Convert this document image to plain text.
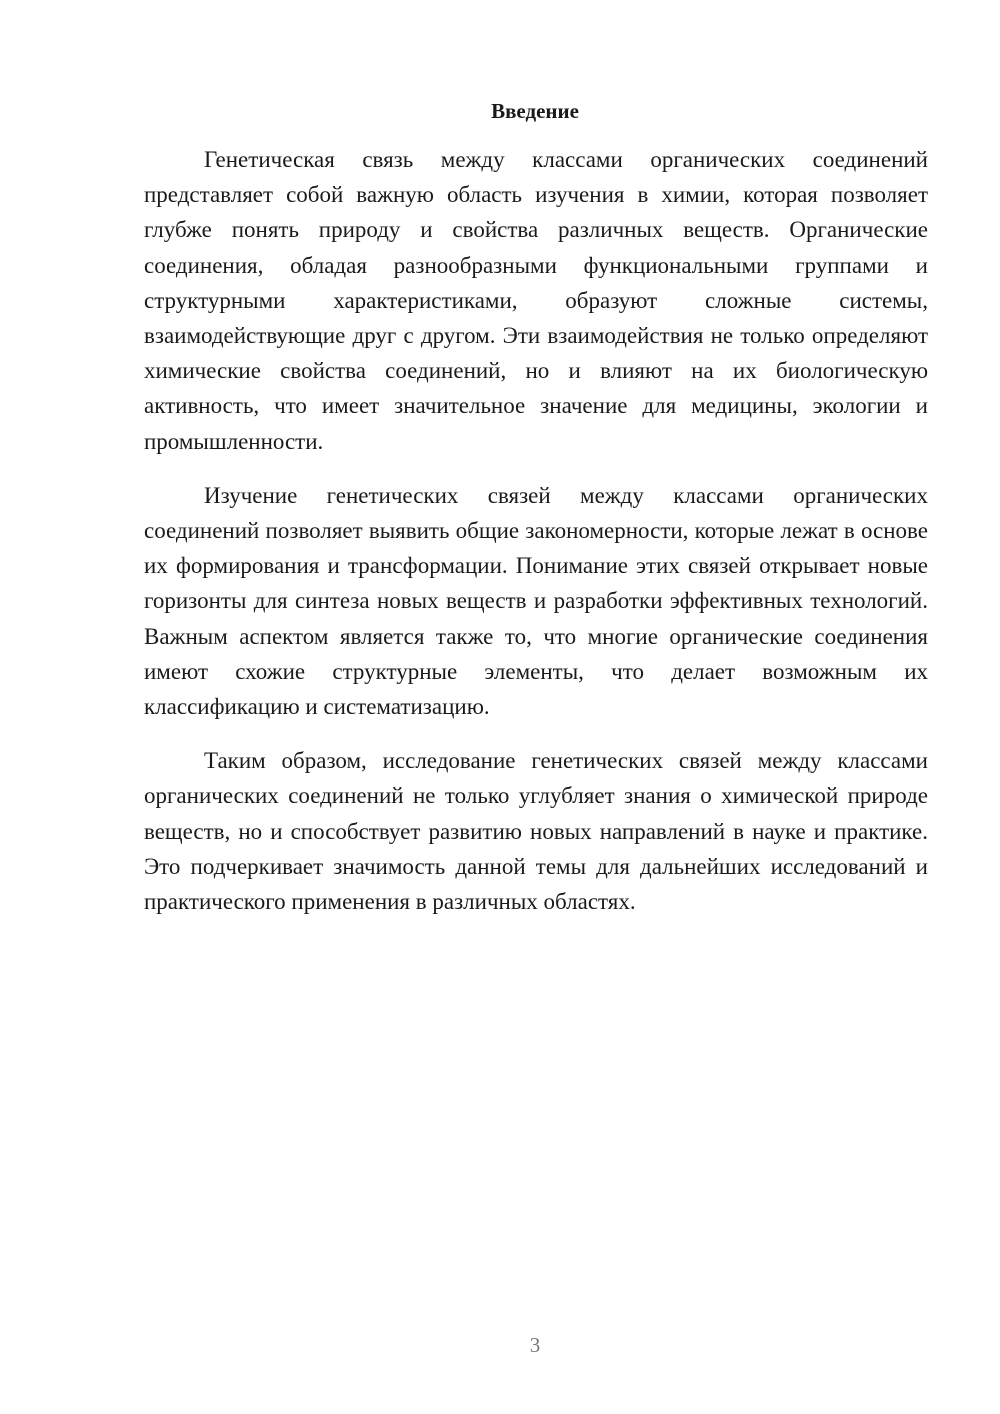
Введение

Генетическая связь между классами органических соединений представляет собой важную область изучения в химии, которая позволяет глубже понять природу и свойства различных веществ. Органические соединения, обладая разнообразными функциональными группами и структурными характеристиками, образуют сложные системы, взаимодействующие друг с другом. Эти взаимодействия не только определяют химические свойства соединений, но и влияют на их биологическую активность, что имеет значительное значение для медицины, экологии и промышленности.

Изучение генетических связей между классами органических соединений позволяет выявить общие закономерности, которые лежат в основе их формирования и трансформации. Понимание этих связей открывает новые горизонты для синтеза новых веществ и разработки эффективных технологий. Важным аспектом является также то, что многие органические соединения имеют схожие структурные элементы, что делает возможным их классификацию и систематизацию.

Таким образом, исследование генетических связей между классами органических соединений не только углубляет знания о химической природе веществ, но и способствует развитию новых направлений в науке и практике. Это подчеркивает значимость данной темы для дальнейших исследований и практического применения в различных областях.

3
